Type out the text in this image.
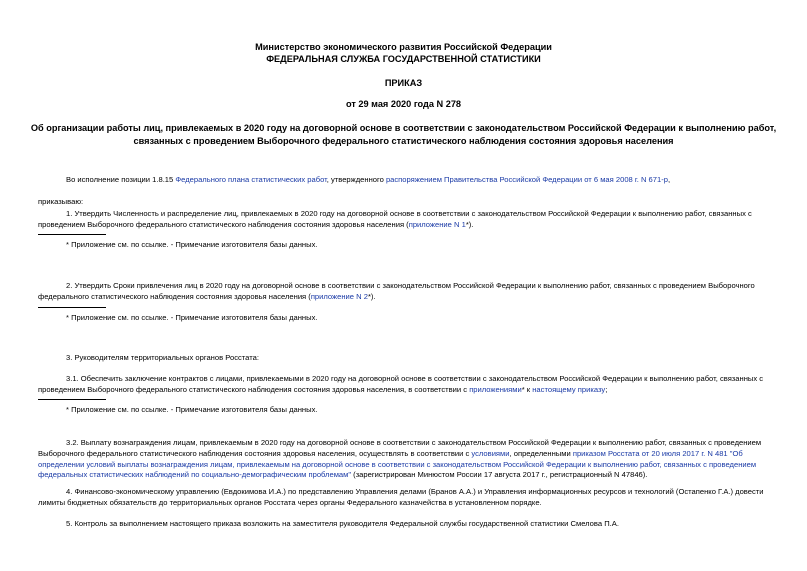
Министерство экономического развития Российской Федерации
ФЕДЕРАЛЬНАЯ СЛУЖБА ГОСУДАРСТВЕННОЙ СТАТИСТИКИ
ПРИКАЗ
от 29 мая 2020 года N 278
Об организации работы лиц, привлекаемых в 2020 году на договорной основе в соответствии с законодательством Российской Федерации к выполнению работ, связанных с проведением Выборочного федерального статистического наблюдения состояния здоровья населения
Во исполнение позиции 1.8.15 Федерального плана статистических работ, утвержденного распоряжением Правительства Российской Федерации от 6 мая 2008 г. N 671-р,
приказываю:
1. Утвердить Численность и распределение лиц, привлекаемых в 2020 году на договорной основе в соответствии с законодательством Российской Федерации к выполнению работ, связанных с проведением Выборочного федерального статистического наблюдения состояния здоровья населения (приложение N 1*).
* Приложение см. по ссылке. - Примечание изготовителя базы данных.
2. Утвердить Сроки привлечения лиц в 2020 году на договорной основе в соответствии с законодательством Российской Федерации к выполнению работ, связанных с проведением Выборочного федерального статистического наблюдения состояния здоровья населения (приложение N 2*).
* Приложение см. по ссылке. - Примечание изготовителя базы данных.
3. Руководителям территориальных органов Росстата:
3.1. Обеспечить заключение контрактов с лицами, привлекаемыми в 2020 году на договорной основе в соответствии с законодательством Российской Федерации к выполнению работ, связанных с проведением Выборочного федерального статистического наблюдения состояния здоровья населения, в соответствии с приложениями* к настоящему приказу;
* Приложение см. по ссылке. - Примечание изготовителя базы данных.
3.2. Выплату вознаграждения лицам, привлекаемым в 2020 году на договорной основе в соответствии с законодательством Российской Федерации к выполнению работ, связанных с проведением Выборочного федерального статистического наблюдения состояния здоровья населения, осуществлять в соответствии с условиями, определенными приказом Росстата от 20 июля 2017 г. N 481 "Об определении условий выплаты вознаграждения лицам, привлекаемым на договорной основе в соответствии с законодательством Российской Федерации к выполнению работ, связанных с проведением федеральных статистических наблюдений по социально-демографическим проблемам" (зарегистрирован Минюстом России 17 августа 2017 г., регистрационный N 47846).
4. Финансово-экономическому управлению (Евдокимова И.А.) по представлению Управления делами (Бранов А.А.) и Управления информационных ресурсов и технологий (Остапенко Г.А.) довести лимиты бюджетных обязательств до территориальных органов Росстата через органы Федерального казначейства в установленном порядке.
5. Контроль за выполнением настоящего приказа возложить на заместителя руководителя Федеральной службы государственной статистики Смелова П.А.
